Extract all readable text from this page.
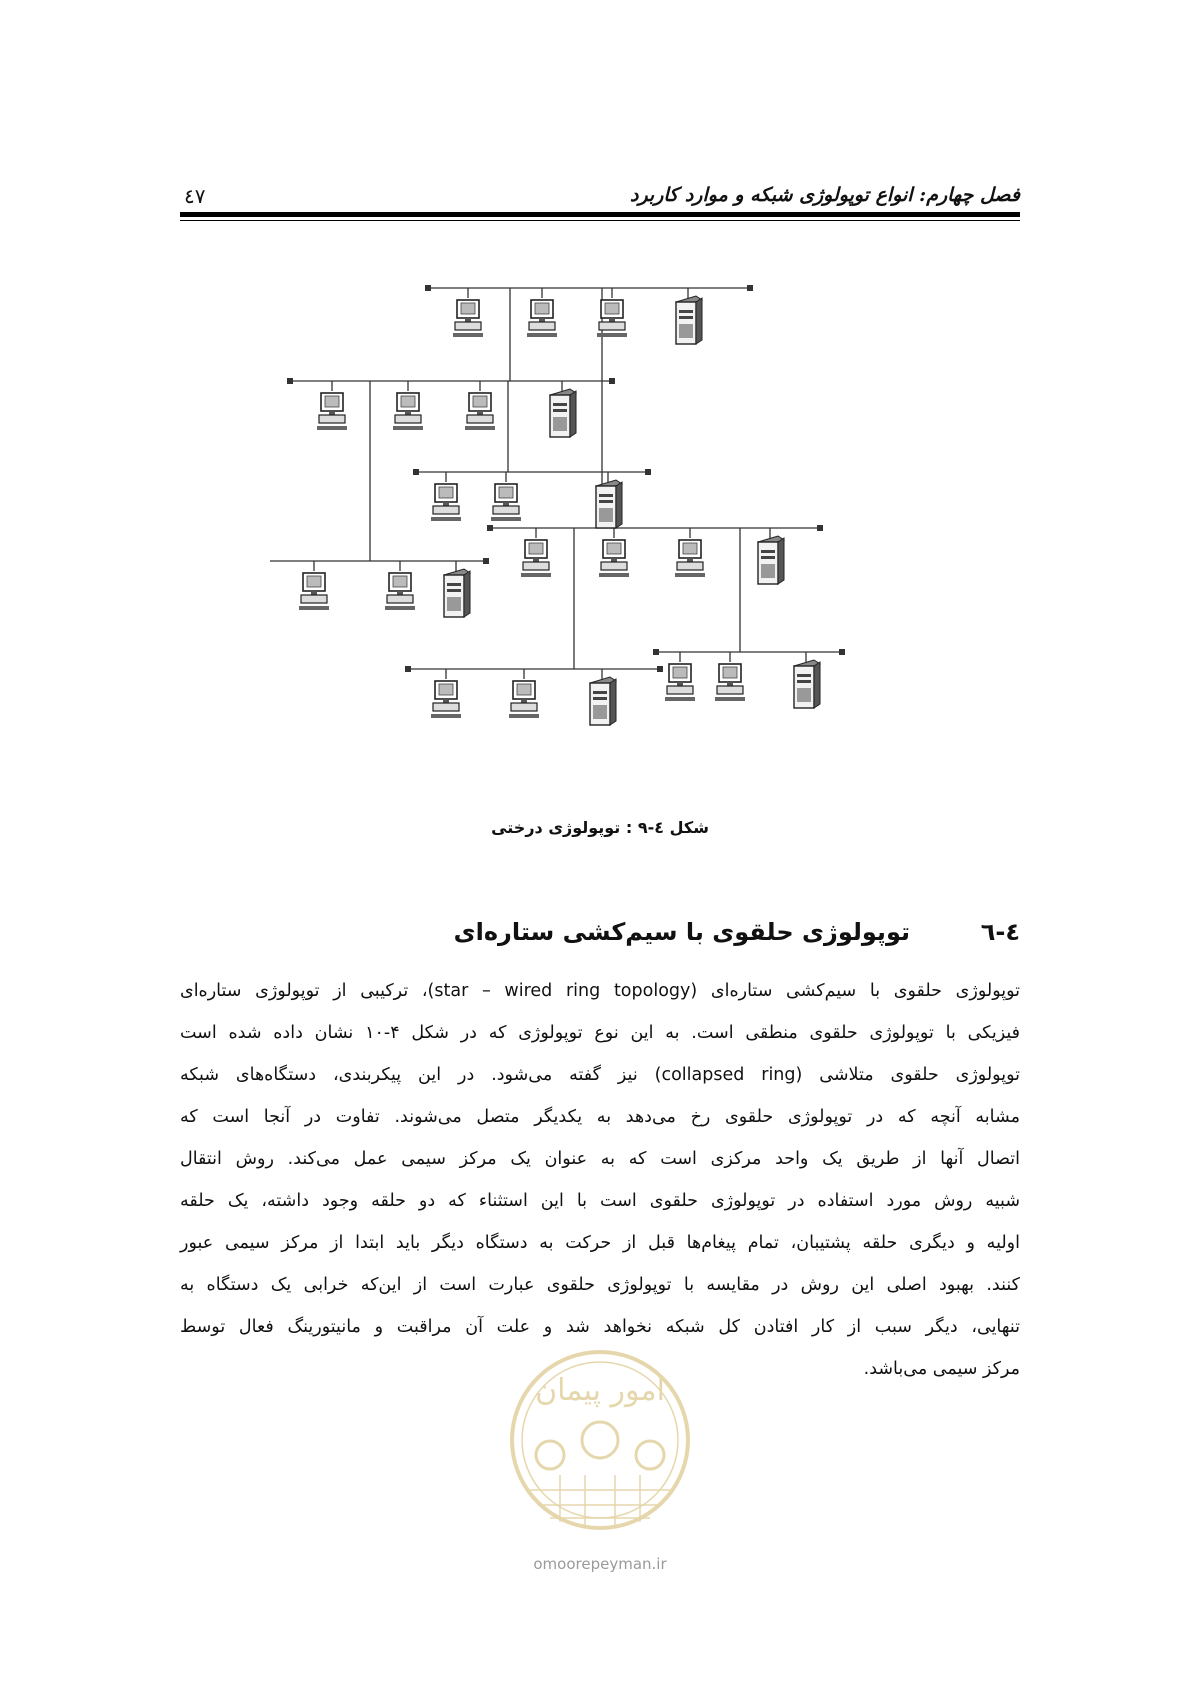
فصل چهارم: انواع توپولوژی شبکه و موارد کاربرد
٤٧
شکل ٤-٩ : توپولوژی درختی
٤-٦
توپولوژی حلقوی با سیم‌کشی ستاره‌ای
توپولوژی حلقوی با سیم‌کشی ستاره‌ای (star – wired ring topology)، ترکیبی از توپولوژی ستاره‌ای
فیزیکی با توپولوژی حلقوی منطقی است. به این نوع توپولوژی که در شکل ۴-۱۰ نشان داده شده است
توپولوژی حلقوی متلاشی (collapsed ring) نیز گفته می‌شود. در این پیکربندی، دستگاه‌های شبکه
مشابه آنچه که در توپولوژی حلقوی رخ می‌دهد به یکدیگر متصل می‌شوند. تفاوت در آنجا است که
اتصال آنها از طریق یک واحد مرکزی است که به عنوان یک مرکز سیمی عمل می‌کند. روش انتقال
شبیه روش مورد استفاده در توپولوژی حلقوی است با این استثناء که دو حلقه وجود داشته، یک حلقه
اولیه و دیگری حلقه پشتیبان، تمام پیغام‌ها قبل از حرکت به دستگاه دیگر باید ابتدا از مرکز سیمی عبور
کنند. بهبود اصلی این روش در مقایسه با توپولوژی حلقوی عبارت است از این‌که خرابی یک دستگاه به
تنهایی، دیگر سبب از کار افتادن کل شبکه نخواهد شد و علت آن مراقبت و مانیتورینگ فعال توسط
مرکز سیمی می‌باشد.
امور پیمان
omoorepeyman.ir
